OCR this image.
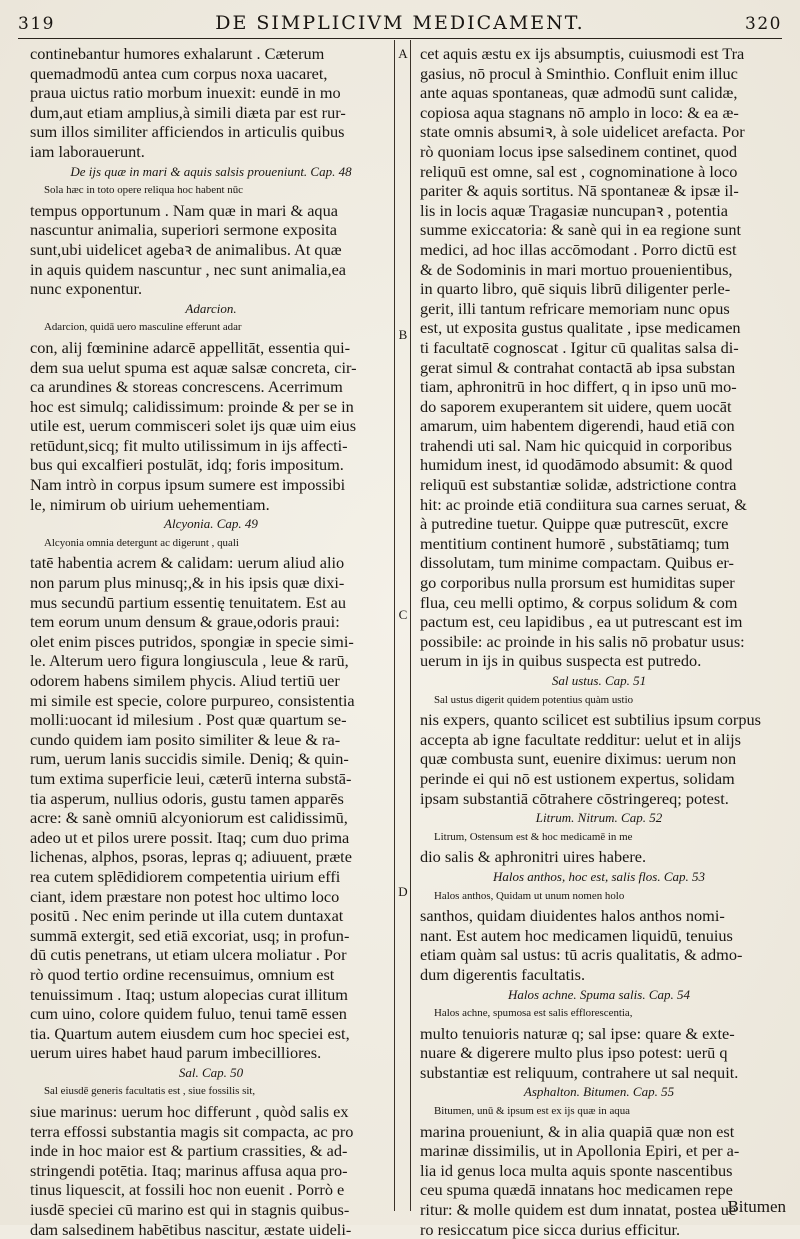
319	DE SIMPLICIVM MEDICAMENT.	320
A
B
C
D
continebantur humores exhalarunt . Cæterum
quemadmodū antea cum corpus noxa uacaret,
praua uictus ratio morbum inuexit: eundē in mo
dum,aut etiam amplius,à simili diæta par est rur-
sum illos similiter afficiendos in articulis quibus
iam laborauerunt.
De ijs quæ in mari & aquis salsis proueniunt. Cap. 48
Sola hæc in toto opere reliqua hoc habent nūc
tempus opportunum . Nam quæ in mari & aqua
nascuntur animalia, superiori sermone exposita
sunt,ubi uidelicet agebaꝛ de animalibus. At quæ
in aquis quidem nascuntur , nec sunt animalia,ea
nunc exponentur.
Adarcion.
Adarcion, quidā uero masculine efferunt adar
con, alij fœminine adarcē appellitāt, essentia qui-
dem sua uelut spuma est aquæ salsæ concreta, cir-
ca arundines & storeas concrescens. Acerrimum
hoc est simulq; calidissimum: proinde & per se in
utile est, uerum commisceri solet ijs quæ uim eius
retūdunt,sicq; fit multo utilissimum in ijs affecti-
bus qui excalfieri postulāt, idq; foris impositum.
Nam intrò in corpus ipsum sumere est impossibi
le, nimirum ob uirium uehementiam.
Alcyonia. Cap. 49
Alcyonia omnia detergunt ac digerunt , quali
tatē habentia acrem & calidam: uerum aliud alio
non parum plus minusq;,& in his ipsis quæ dixi-
mus secundū partium essentię tenuitatem. Est au
tem eorum unum densum & graue,odoris praui:
olet enim pisces putridos, spongiæ in specie simi-
le. Alterum uero figura longiuscula , leue & rarū,
odorem habens similem phycis. Aliud tertiū uer
mi simile est specie, colore purpureo, consistentia
molli:uocant id milesium . Post quæ quartum se-
cundo quidem iam posito similiter & leue & ra-
rum, uerum lanis succidis simile. Deniq; & quin-
tum extima superficie leui, cæterū interna substā-
tia asperum, nullius odoris, gustu tamen apparēs
acre: & sanè omniū alcyoniorum est calidissimū,
adeo ut et pilos urere possit. Itaq; cum duo prima
lichenas, alphos, psoras, lepras q; adiuuent, præte
rea cutem splēdidiorem competentia uirium effi
ciant, idem præstare non potest hoc ultimo loco
positū . Nec enim perinde ut illa cutem duntaxat
summā extergit, sed etiā excoriat, usq; in profun-
dū cutis penetrans, ut etiam ulcera moliatur . Por
rò quod tertio ordine recensuimus, omnium est
tenuissimum . Itaq; ustum alopecias curat illitum
cum uino, colore quidem fuluo, tenui tamē essen
tia. Quartum autem eiusdem cum hoc speciei est,
uerum uires habet haud parum imbecilliores.
Sal. Cap. 50
Sal eiusdē generis facultatis est , siue fossilis sit,
siue marinus: uerum hoc differunt , quòd salis ex
terra effossi substantia magis sit compacta, ac pro
inde in hoc maior est & partium crassities, & ad-
stringendi potētia. Itaq; marinus affusa aqua pro-
tinus liquescit, at fossili hoc non euenit . Porrò e
iusdē speciei cū marino est qui in stagnis quibus-
dam salsedinem habētibus nascitur, æstate uideli-
cet aquis æstu ex ijs absumptis, cuiusmodi est Tra
gasius, nō procul à Sminthio. Confluit enim illuc
ante aquas spontaneas, quæ admodū sunt calidæ,
copiosa aqua stagnans nō amplo in loco: & ea æ-
state omnis absumiꝛ, à sole uidelicet arefacta. Por
rò quoniam locus ipse salsedinem continet, quod
reliquū est omne, sal est , cognominatione à loco
pariter & aquis sortitus. Nā spontaneæ & ipsæ il-
lis in locis aquæ Tragasiæ nuncupanꝛ , potentia
summe exiccatoria: & sanè qui in ea regione sunt
medici, ad hoc illas accōmodant . Porro dictū est
& de Sodominis in mari mortuo prouenientibus,
in quarto libro, quē siquis librū diligenter perle-
gerit, illi tantum refricare memoriam nunc opus
est, ut exposita gustus qualitate , ipse medicamen
ti facultatē cognoscat . Igitur cū qualitas salsa di-
gerat simul & contrahat contactā ab ipsa substan
tiam, aphronitrū in hoc differt, q in ipso unū mo-
do saporem exuperantem sit uidere, quem uocāt
amarum, uim habentem digerendi, haud etiā con
trahendi uti sal. Nam hic quicquid in corporibus
humidum inest, id quodāmodo absumit: & quod
reliquū est substantiæ solidæ, adstrictione contra
hit: ac proinde etiā condiitura sua carnes seruat, &
à putredine tuetur. Quippe quæ putrescūt, excre
mentitium continent humorē , substātiamq; tum
dissolutam, tum minime compactam. Quibus er-
go corporibus nulla prorsum est humiditas super
flua, ceu melli optimo, & corpus solidum & com
pactum est, ceu lapidibus , ea ut putrescant est im
possibile: ac proinde in his salis nō probatur usus:
uerum in ijs in quibus suspecta est putredo.
Sal ustus. Cap. 51
Sal ustus digerit quidem potentius quàm ustio
nis expers, quanto scilicet est subtilius ipsum corpus
accepta ab igne facultate redditur: uelut et in alijs
quæ combusta sunt, euenire diximus: uerum non
perinde ei qui nō est ustionem expertus, solidam
ipsam substantiā cōtrahere cōstringereq; potest.
Litrum. Nitrum. Cap. 52
Litrum, Ostensum est & hoc medicamē in me
dio salis & aphronitri uires habere.
Halos anthos, hoc est, salis flos. Cap. 53
Halos anthos, Quidam ut unum nomen holo
santhos, quidam diuidentes halos anthos nomi-
nant. Est autem hoc medicamen liquidū, tenuius
etiam quàm sal ustus: tū acris qualitatis, & admo-
dum digerentis facultatis.
Halos achne. Spuma salis. Cap. 54
Halos achne, spumosa est salis efflorescentia,
multo tenuioris naturæ q; sal ipse: quare & exte-
nuare & digerere multo plus ipso potest: uerū q
substantiæ est reliquum, contrahere ut sal nequit.
Asphalton. Bitumen. Cap. 55
Bitumen, unū & ipsum est ex ijs quæ in aqua
marina proueniunt, & in alia quapiā quæ non est
marinæ dissimilis, ut in Apollonia Epiri, et per a-
lia id genus loca multa aquis sponte nascentibus
ceu spuma quædā innatans hoc medicamen repe
ritur: & molle quidem est dum innatat, postea ue
ro resiccatum pice sicca durius efficitur.
Bitumen
